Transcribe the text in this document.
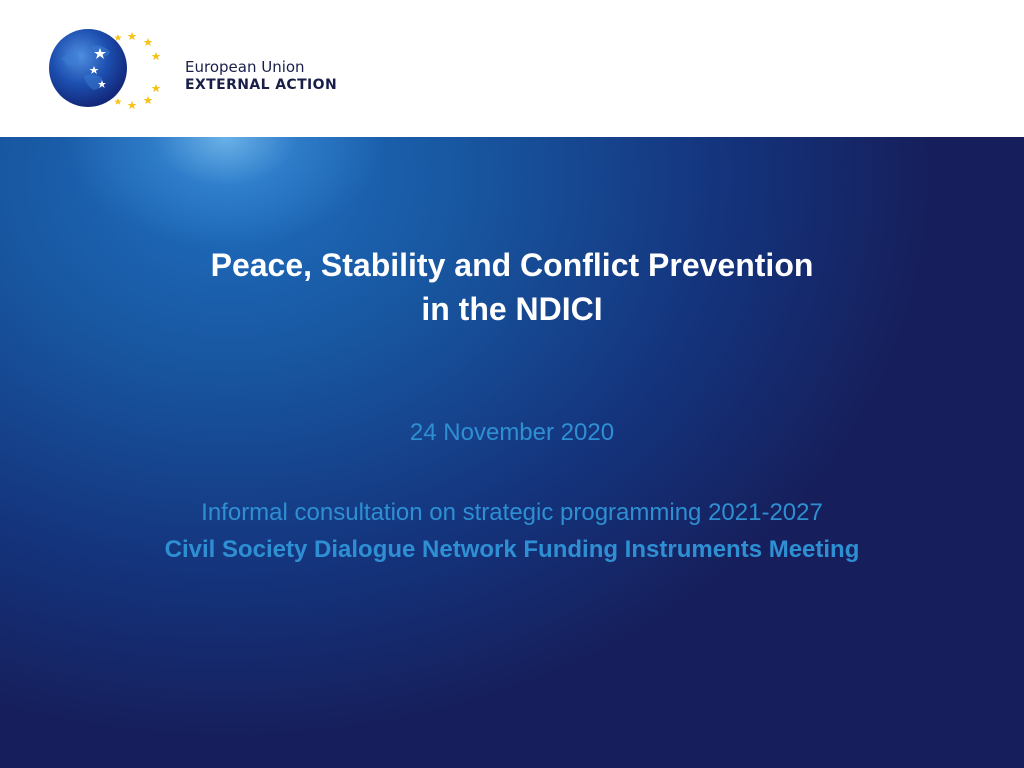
European Union
EXTERNAL ACTION
Peace, Stability and Conflict Prevention
in the NDICI
24 November 2020
Informal consultation on strategic programming 2021-2027
Civil Society Dialogue Network Funding Instruments Meeting
